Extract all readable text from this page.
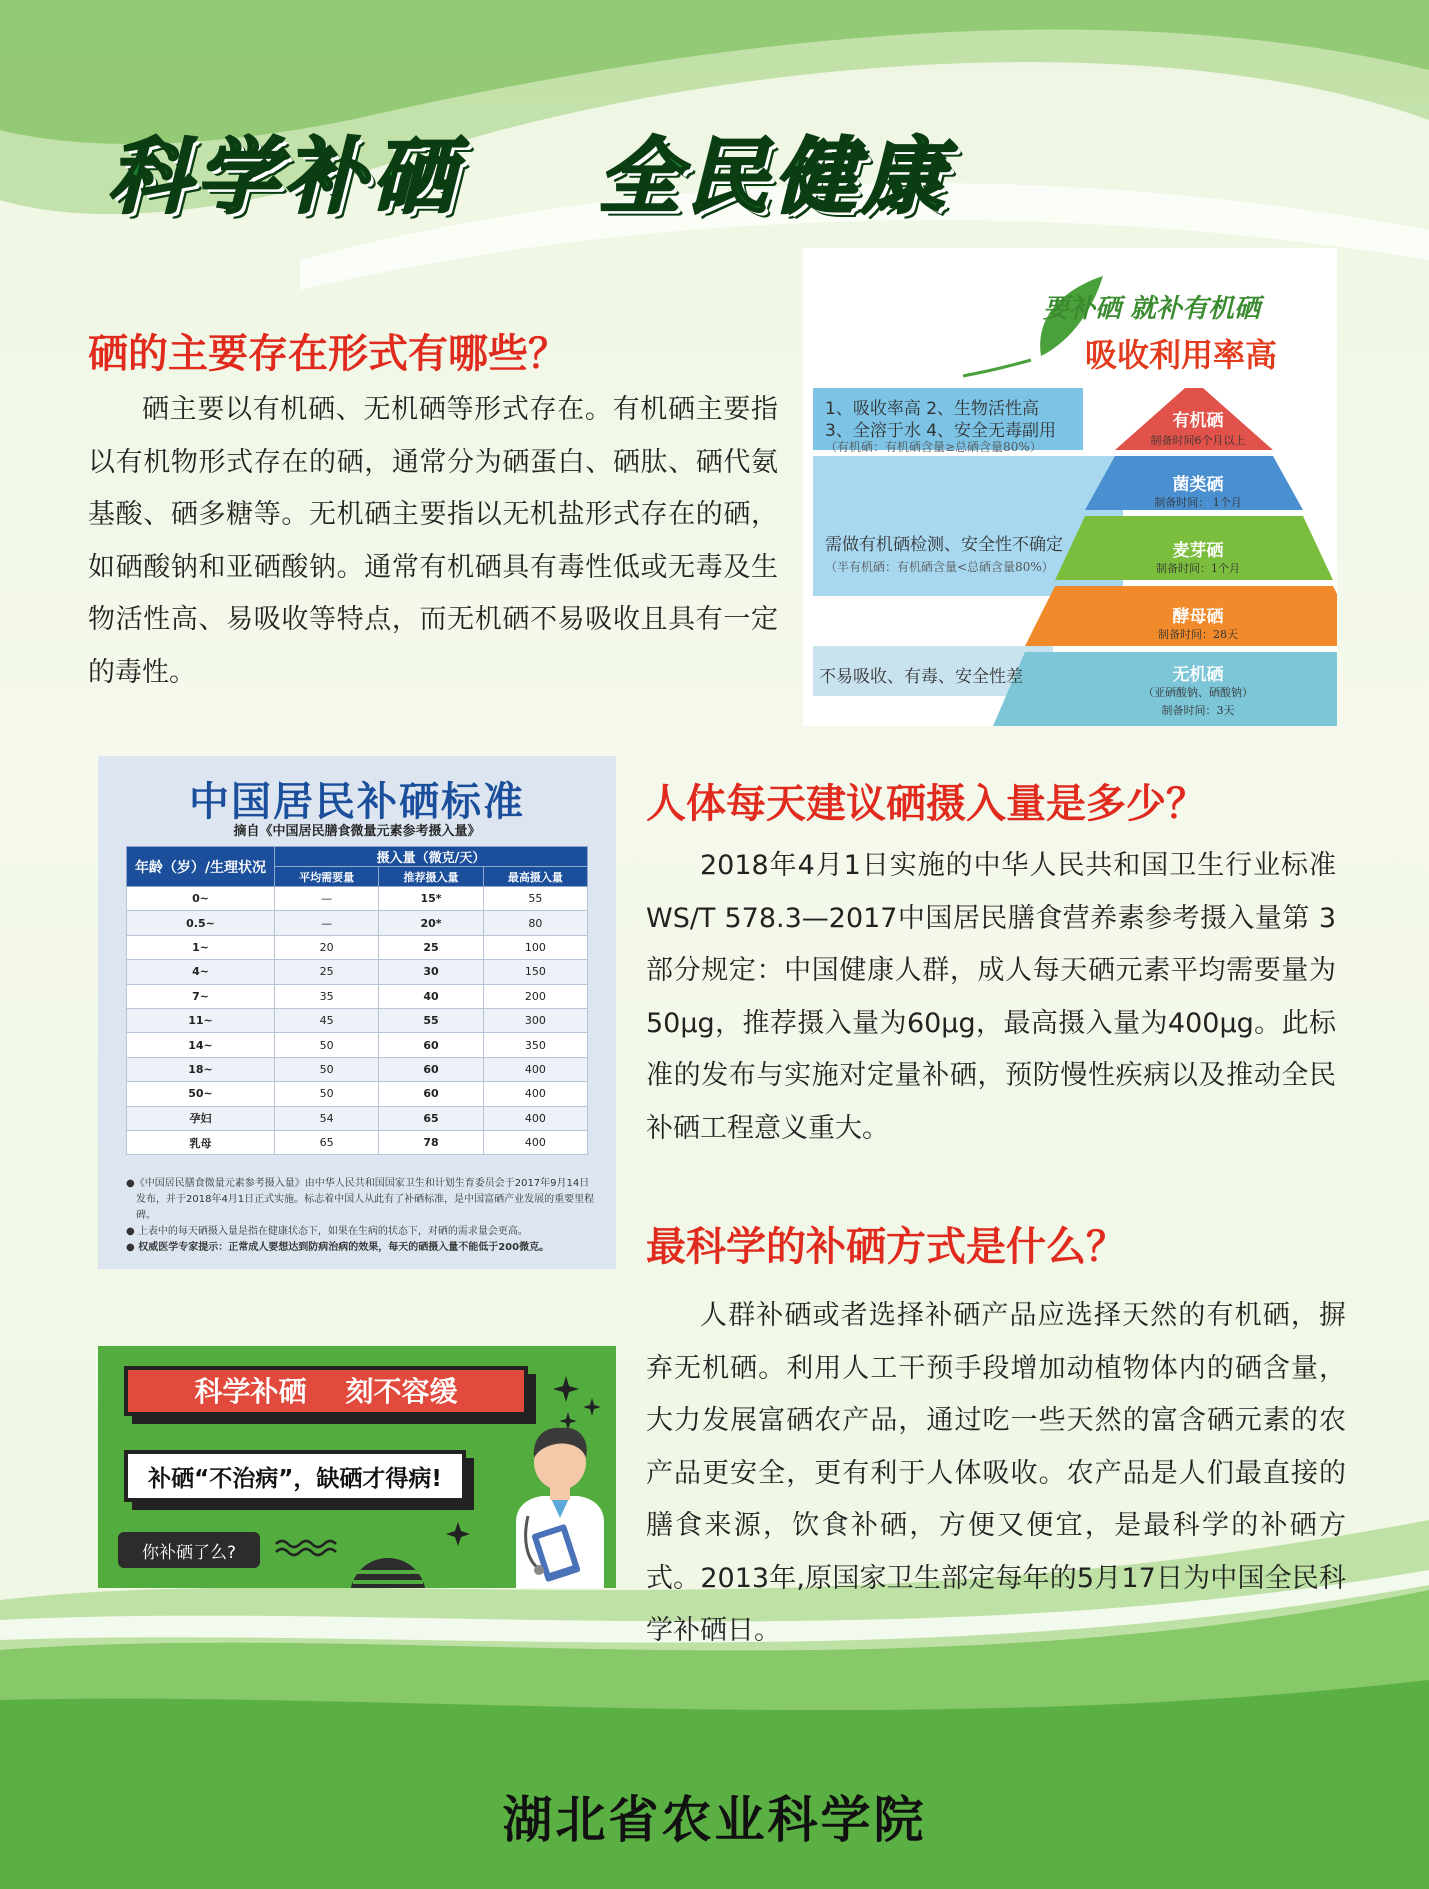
科学补硒    全民健康
硒的主要存在形式有哪些？
硒主要以有机硒、无机硒等形式存在。有机硒主要指以有机物形式存在的硒，通常分为硒蛋白、硒肽、硒代氨基酸、硒多糖等。无机硒主要指以无机盐形式存在的硒，如硒酸钠和亚硒酸钠。通常有机硒具有毒性低或无毒及生物活性高、易吸收等特点，而无机硒不易吸收且具有一定的毒性。
要补硒 就补有机硒
吸收利用率高
1、吸收率高 2、生物活性高
3、全溶于水 4、安全无毒副用
（有机硒：有机硒含量≥总硒含量80%）
需做有机硒检测、安全性不确定
（半有机硒：有机硒含量<总硒含量80%）
不易吸收、有毒、安全性差
有机硒
制备时间6个月以上
菌类硒
制备时间： 1个月
麦芽硒
制备时间：1个月
酵母硒
制备时间：28天
无机硒
（亚硒酸钠、硒酸钠）
制备时间：3天
中国居民补硒标准
摘自《中国居民膳食微量元素参考摄入量》
年龄（岁）/生理状况	摄入量（微克/天）		
	平均需要量	推荐摄入量	最高摄入量
0~	—	15*	55
0.5~	—	20*	80
1~	20	25	100
4~	25	30	150
7~	35	40	200
11~	45	55	300
14~	50	60	350
18~	50	60	400
50~	50	60	400
孕妇	54	65	400
乳母	65	78	400
●《中国居民膳食微量元素参考摄入量》由中华人民共和国国家卫生和计划生育委员会于2017年9月14日发布，并于2018年4月1日正式实施。标志着中国人从此有了补硒标准，是中国富硒产业发展的重要里程碑。
● 上表中的每天硒摄入量是指在健康状态下，如果在生病的状态下，对硒的需求量会更高。
● 权威医学专家提示：正常成人要想达到防病治病的效果，每天的硒摄入量不能低于200微克。
人体每天建议硒摄入量是多少？
2018年4月1日实施的中华人民共和国卫生行业标准WS/T 578.3—2017中国居民膳食营养素参考摄入量第 3部分规定：中国健康人群，成人每天硒元素平均需要量为50μg，推荐摄入量为60μg，最高摄入量为400μg。此标准的发布与实施对定量补硒，预防慢性疾病以及推动全民补硒工程意义重大。
最科学的补硒方式是什么？
人群补硒或者选择补硒产品应选择天然的有机硒，摒弃无机硒。利用人工干预手段增加动植物体内的硒含量，大力发展富硒农产品，通过吃一些天然的富含硒元素的农产品更安全，更有利于人体吸收。农产品是人们最直接的膳食来源，饮食补硒，方便又便宜，是最科学的补硒方式。2013年,原国家卫生部定每年的5月17日为中国全民科学补硒日。
科学补硒    刻不容缓
补硒“不治病”，缺硒才得病!
你补硒了么?
湖北省农业科学院
